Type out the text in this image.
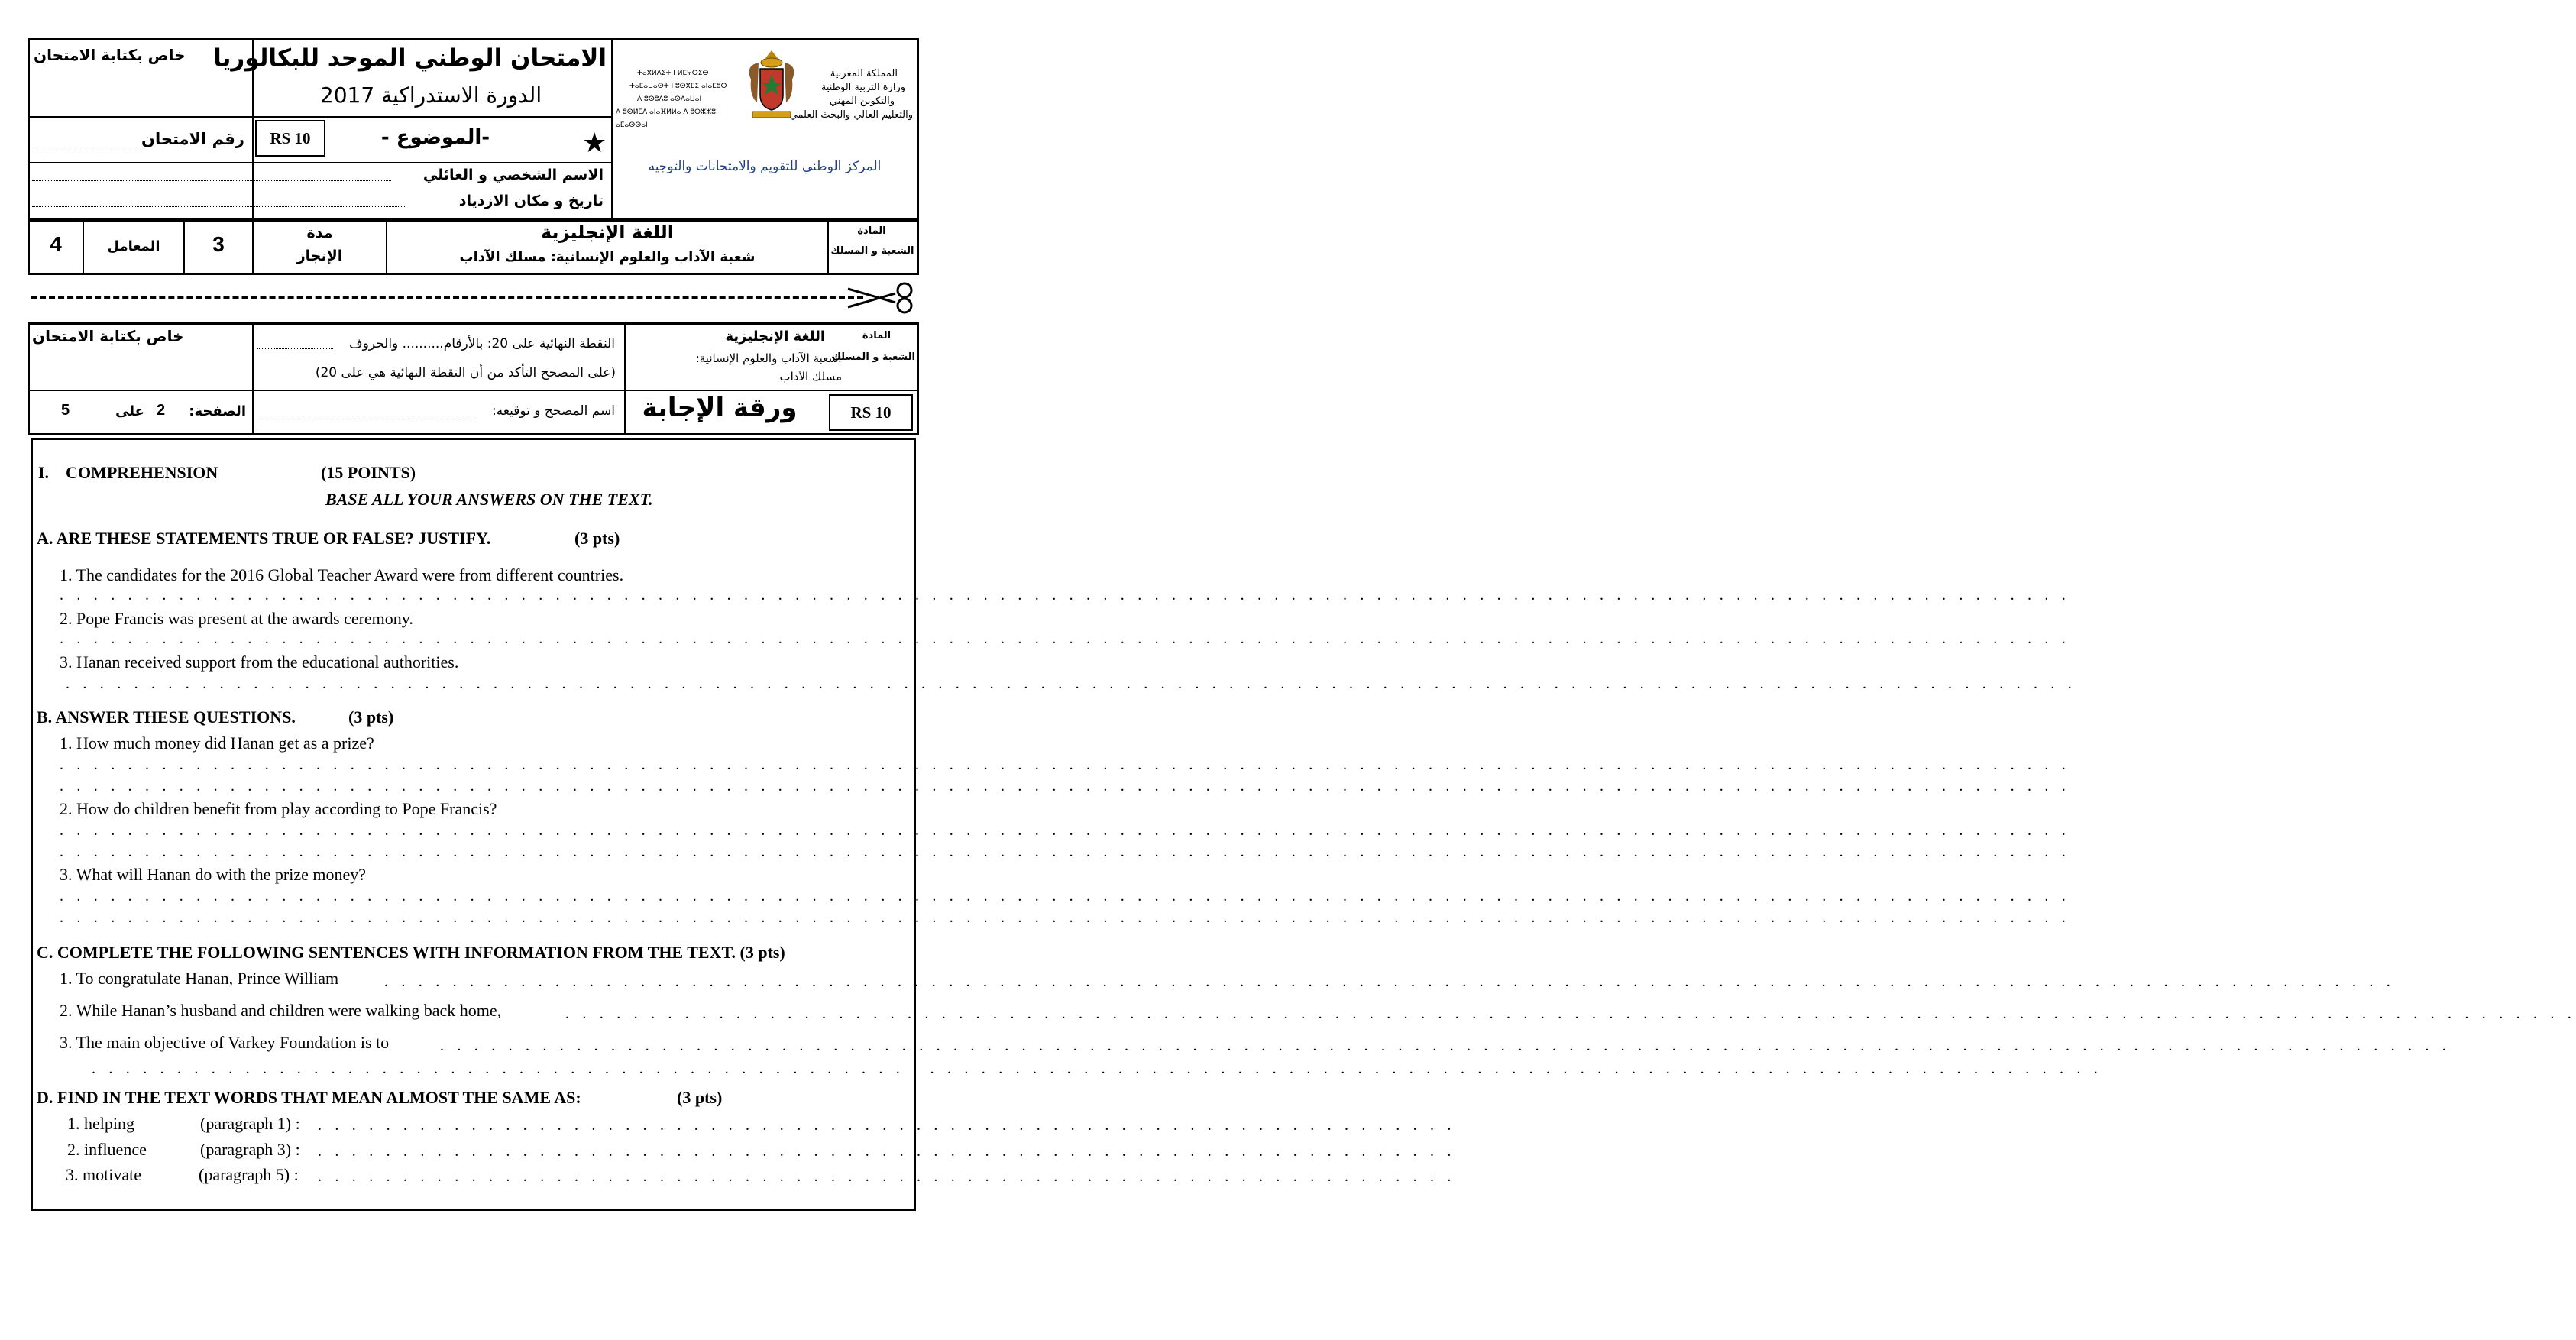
خاص بكتابة الامتحان	الامتحان الوطني الموحد للبكالوريا
الدورة الاستدراكية 2017
RS 10	-الموضوع -	★
رقم الامتحان
الاسم الشخصي و العائلي
تاريخ و مكان الازدياد
ⵜⴰⴳⵍⴷⵉⵜ ⵏ ⵍⵎⵖⵔⵉⴱ
ⵜⴰⵎⴰⵡⴰⵙⵜ ⵏ ⵓⵙⴳⵎⵉ ⴰⵏⴰⵎⵓⵔ
ⴷ ⵓⵙⵓⴷⵓ ⴰⵙⴷⴰⵡⴰⵏ
ⴷ ⵓⵙⵍⵎⴷ ⴰⵏⴰⴼⵍⵍⴰ ⴷ ⵓⵔⵣⵣⵓ ⴰⵎⴰⵙⵙⴰⵏ
المملكة المغربية
وزارة التربية الوطنية
والتكوين المهني
والتعليم العالي والبحث العلمي
المركز الوطني للتقويم والامتحانات والتوجيه
4	المعامل	3	مدة
الإنجاز
اللغة الإنجليزية
شعبة الآداب والعلوم الإنسانية: مسلك الآداب
المادة
الشعبة و المسلك
خاص بكتابة الامتحان	النقطة النهائية على 20: بالأرقام.......... والحروف
(على المصحح التأكد من أن النقطة النهائية هي على 20)
5	على 2	الصفحة:	اسم المصحح و توقيعه:
اللغة الإنجليزية	المادة
الشعبة و المسلك
:شعبة الآداب والعلوم الإنسانية:
مسلك الآداب
ورقة الإجابة	RS 10
I.    COMPREHENSION	(15 POINTS)
BASE ALL YOUR ANSWERS ON THE TEXT.
A. ARE THESE STATEMENTS TRUE OR FALSE? JUSTIFY.	(3 pts)
1. The candidates for the 2016 Global Teacher Award were from different countries.
. . . . . . . . . . . . . . . . . . . . . . . . . . . . . . . . . . . . . . . . . . . . . . . . . . . . . . . . . . . . . . . . . . . . . . . . . . . . . . . . . . . . . . . . . . . . . . . . . . . . . . . . . . . . . . . . . . . . . .
2. Pope Francis was present at the awards ceremony.
. . . . . . . . . . . . . . . . . . . . . . . . . . . . . . . . . . . . . . . . . . . . . . . . . . . . . . . . . . . . . . . . . . . . . . . . . . . . . . . . . . . . . . . . . . . . . . . . . . . . . . . . . . . . . . . . . . . . . .
3. Hanan received support from the educational authorities.
. . . . . . . . . . . . . . . . . . . . . . . . . . . . . . . . . . . . . . . . . . . . . . . . . . . . . . . . . . . . . . . . . . . . . . . . . . . . . . . . . . . . . . . . . . . . . . . . . . . . . . . . . . . . . . . . . . . . . .
B. ANSWER THESE QUESTIONS.	(3 pts)
1. How much money did Hanan get as a prize?
. . . . . . . . . . . . . . . . . . . . . . . . . . . . . . . . . . . . . . . . . . . . . . . . . . . . . . . . . . . . . . . . . . . . . . . . . . . . . . . . . . . . . . . . . . . . . . . . . . . . . . . . . . . . . . . . . . . . . .
. . . . . . . . . . . . . . . . . . . . . . . . . . . . . . . . . . . . . . . . . . . . . . . . . . . . . . . . . . . . . . . . . . . . . . . . . . . . . . . . . . . . . . . . . . . . . . . . . . . . . . . . . . . . . . . . . . . . . .
2. How do children benefit from play according to Pope Francis?
. . . . . . . . . . . . . . . . . . . . . . . . . . . . . . . . . . . . . . . . . . . . . . . . . . . . . . . . . . . . . . . . . . . . . . . . . . . . . . . . . . . . . . . . . . . . . . . . . . . . . . . . . . . . . . . . . . . . . .
. . . . . . . . . . . . . . . . . . . . . . . . . . . . . . . . . . . . . . . . . . . . . . . . . . . . . . . . . . . . . . . . . . . . . . . . . . . . . . . . . . . . . . . . . . . . . . . . . . . . . . . . . . . . . . . . . . . . . .
3. What will Hanan do with the prize money?
. . . . . . . . . . . . . . . . . . . . . . . . . . . . . . . . . . . . . . . . . . . . . . . . . . . . . . . . . . . . . . . . . . . . . . . . . . . . . . . . . . . . . . . . . . . . . . . . . . . . . . . . . . . . . . . . . . . . . .
. . . . . . . . . . . . . . . . . . . . . . . . . . . . . . . . . . . . . . . . . . . . . . . . . . . . . . . . . . . . . . . . . . . . . . . . . . . . . . . . . . . . . . . . . . . . . . . . . . . . . . . . . . . . . . . . . . . . . .
C. COMPLETE THE FOLLOWING SENTENCES WITH INFORMATION FROM THE TEXT. (3 pts)
1. To congratulate Hanan, Prince William	. . . . . . . . . . . . . . . . . . . . . . . . . . . . . . . . . . . . . . . . . . . . . . . . . . . . . . . . . . . . . . . . . . . . . . . . . . . . . . . . . . . . . . . . . . . . . . . . . . . . . . . . . . . . . . . . . . . . . .
2. While Hanan’s husband and children were walking back home,	. . . . . . . . . . . . . . . . . . . . . . . . . . . . . . . . . . . . . . . . . . . . . . . . . . . . . . . . . . . . . . . . . . . . . . . . . . . . . . . . . . . . . . . . . . . . . . . . . . . . . . . . . . . . . . . . . . . . . .
3. The main objective of Varkey Foundation is to	. . . . . . . . . . . . . . . . . . . . . . . . . . . . . . . . . . . . . . . . . . . . . . . . . . . . . . . . . . . . . . . . . . . . . . . . . . . . . . . . . . . . . . . . . . . . . . . . . . . . . . . . . . . . . . . . . . . . . .
. . . . . . . . . . . . . . . . . . . . . . . . . . . . . . . . . . . . . . . . . . . . . . . . . . . . . . . . . . . . . . . . . . . . . . . . . . . . . . . . . . . . . . . . . . . . . . . . . . . . . . . . . . . . . . . . . . . . . .
D. FIND IN THE TEXT WORDS THAT MEAN ALMOST THE SAME AS:	(3 pts)
1. helping	(paragraph 1) : . . . . . . . . . . . . . . . . . . . . . . . . . . . . . . . . . . . . . . . . . . . . . . . . . . . . . . . . . . . . . . . . . . .
2. influence	(paragraph 3) : . . . . . . . . . . . . . . . . . . . . . . . . . . . . . . . . . . . . . . . . . . . . . . . . . . . . . . . . . . . . . . . . . . .
3. motivate	(paragraph 5) : . . . . . . . . . . . . . . . . . . . . . . . . . . . . . . . . . . . . . . . . . . . . . . . . . . . . . . . . . . . . . . . . . . .
